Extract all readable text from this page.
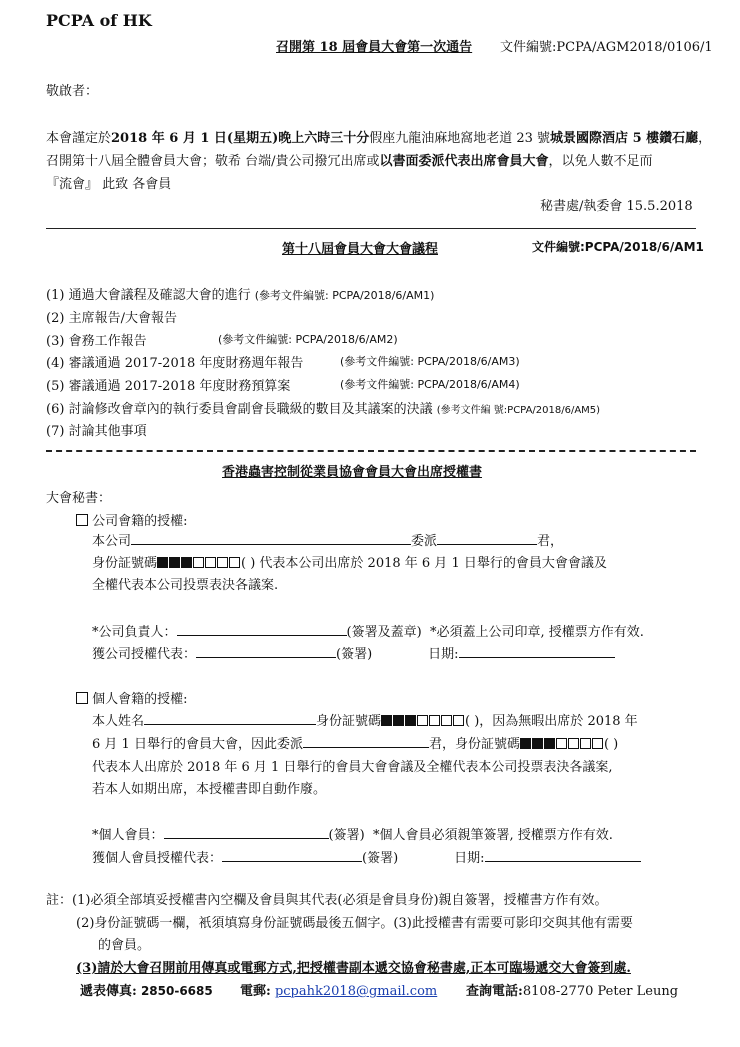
PCPA of HK
召開第 18 屆會員大會第一次通告 文件編號:PCPA/AGM2018/0106/1
敬啟者：
本會謹定於2018 年 6 月 1 日(星期五)晚上六時三十分假座九龍油麻地窩地老道 23 號城景國際酒店 5 樓鑽石廳，
召開第十八屆全體會員大會；敬希 台端/貴公司撥冗出席或以書面委派代表出席會員大會，以免人數不足而
『流會』 此致 各會員
秘書處/執委會 15.5.2018
第十八屆會員大會大會議程	文件編號:PCPA/2018/6/AM1
(1) 通過大會議程及確認大會的進行 (參考文件編號: PCPA/2018/6/AM1)
(2) 主席報告/大會報告
(3) 會務工作報告	(參考文件編號: PCPA/2018/6/AM2)
(4) 審議通過 2017-2018 年度財務週年報告	(參考文件編號: PCPA/2018/6/AM3)
(5) 審議通過 2017-2018 年度財務預算案	(參考文件編號: PCPA/2018/6/AM4)
(6) 討論修改會章內的執行委員會副會長職級的數目及其議案的決議 (參考文件編 號:PCPA/2018/6/AM5)
(7) 討論其他事項
香港蟲害控制從業員協會會員大會出席授權書
大會秘書：
公司會籍的授權:
本公司	委派	君，
身份証號碼	( ) 代表本公司出席於 2018 年 6 月 1 日舉行的會員大會會議及
全權代表本公司投票表決各議案.
*公司負責人：	(簽署及蓋章) *必須蓋上公司印章, 授權票方作有效.
獲公司授權代表：	(簽署)	日期:
個人會籍的授權:
本人姓名	身份証號碼	( )，因為無暇出席於 2018 年
6 月 1 日舉行的會員大會，因此委派	君，身份証號碼	( )
代表本人出席於 2018 年 6 月 1 日舉行的會員大會會議及全權代表本公司投票表決各議案,
若本人如期出席，本授權書即自動作廢。
*個人會員：	(簽署) *個人會員必須親筆簽署, 授權票方作有效.
獲個人會員授權代表：	(簽署)	日期:
註：(1)必須全部填妥授權書內空欄及會員與其代表(必須是會員身份)親自簽署，授權書方作有效。
(2)身份証號碼一欄，衹須填寫身份証號碼最後五個字。(3)此授權書有需要可影印交與其他有需要
的會員。
(3)請於大會召開前用傳真或電郵方式,把授權書副本遞交協會秘書處,正本可臨場遞交大會簽到處.
遞表傳真: 2850-6685 電郵: pcpahk2018@gmail.com 查詢電話:8108-2770 Peter Leung
